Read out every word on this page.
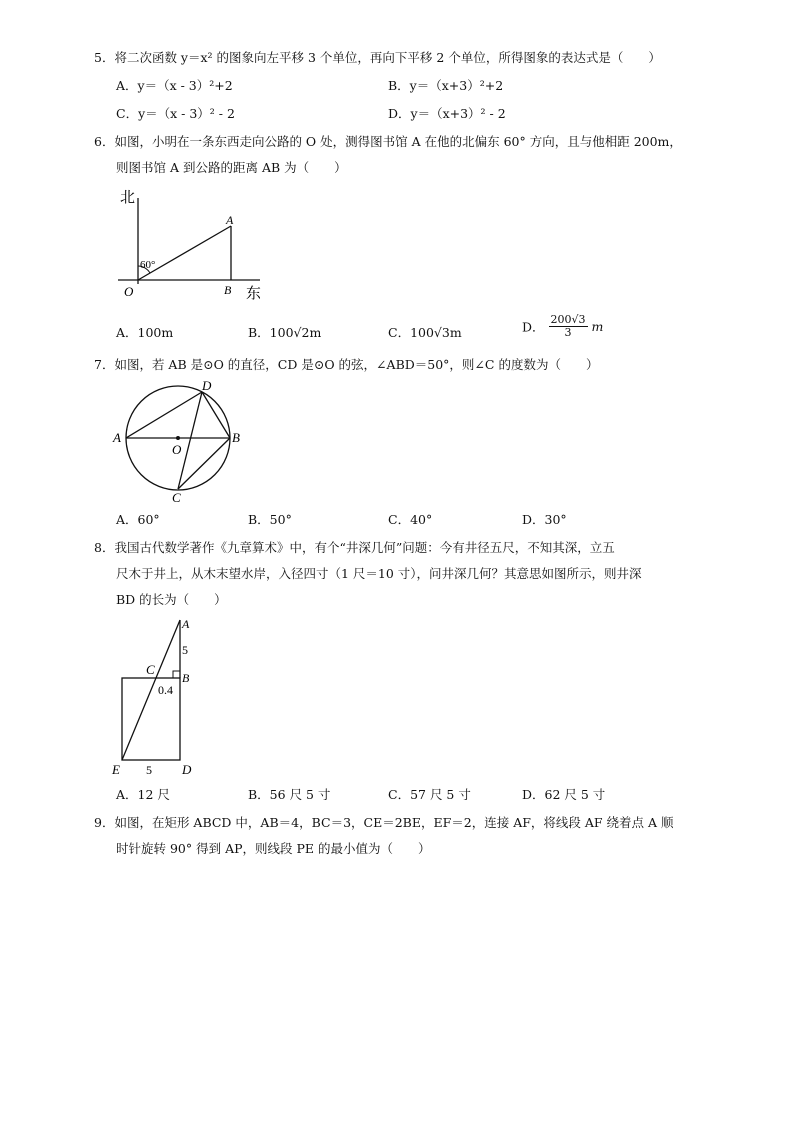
5．将二次函数 y＝x² 的图象向左平移 3 个单位，再向下平移 2 个单位，所得图象的表达式是（　　）
A．y＝（x - 3）²+2	B．y＝（x+3）²+2
C．y＝（x - 3）² - 2	D．y＝（x+3）² - 2
6．如图，小明在一条东西走向公路的 O 处，测得图书馆 A 在他的北偏东 60° 方向，且与他相距 200m，
则图书馆 A 到公路的距离 AB 为（　　）
北
60°
A
O	B 东
A．100m	B．100√2m	C．100√3m	D． $\frac{200√3}{3}$ m
7．如图，若 AB 是⊙O 的直径，CD 是⊙O 的弦，∠ABD＝50°，则∠C 的度数为（　　）
A	B
D
O
C
A．60°	B．50°	C．40°	D．30°
8．我国古代数学著作《九章算术》中，有个“井深几何”问题：今有井径五尺，不知其深，立五
尺木于井上，从木末望水岸，入径四寸（1 尺＝10 寸），问井深几何？其意思如图所示，则井深
BD 的长为（　　）
A
5
C
B
0.4
E 5 D
A．12 尺	B．56 尺 5 寸	C．57 尺 5 寸	D．62 尺 5 寸
9．如图，在矩形 ABCD 中，AB＝4，BC＝3，CE＝2BE，EF＝2，连接 AF，将线段 AF 绕着点 A 顺
时针旋转 90° 得到 AP，则线段 PE 的最小值为（　　）
